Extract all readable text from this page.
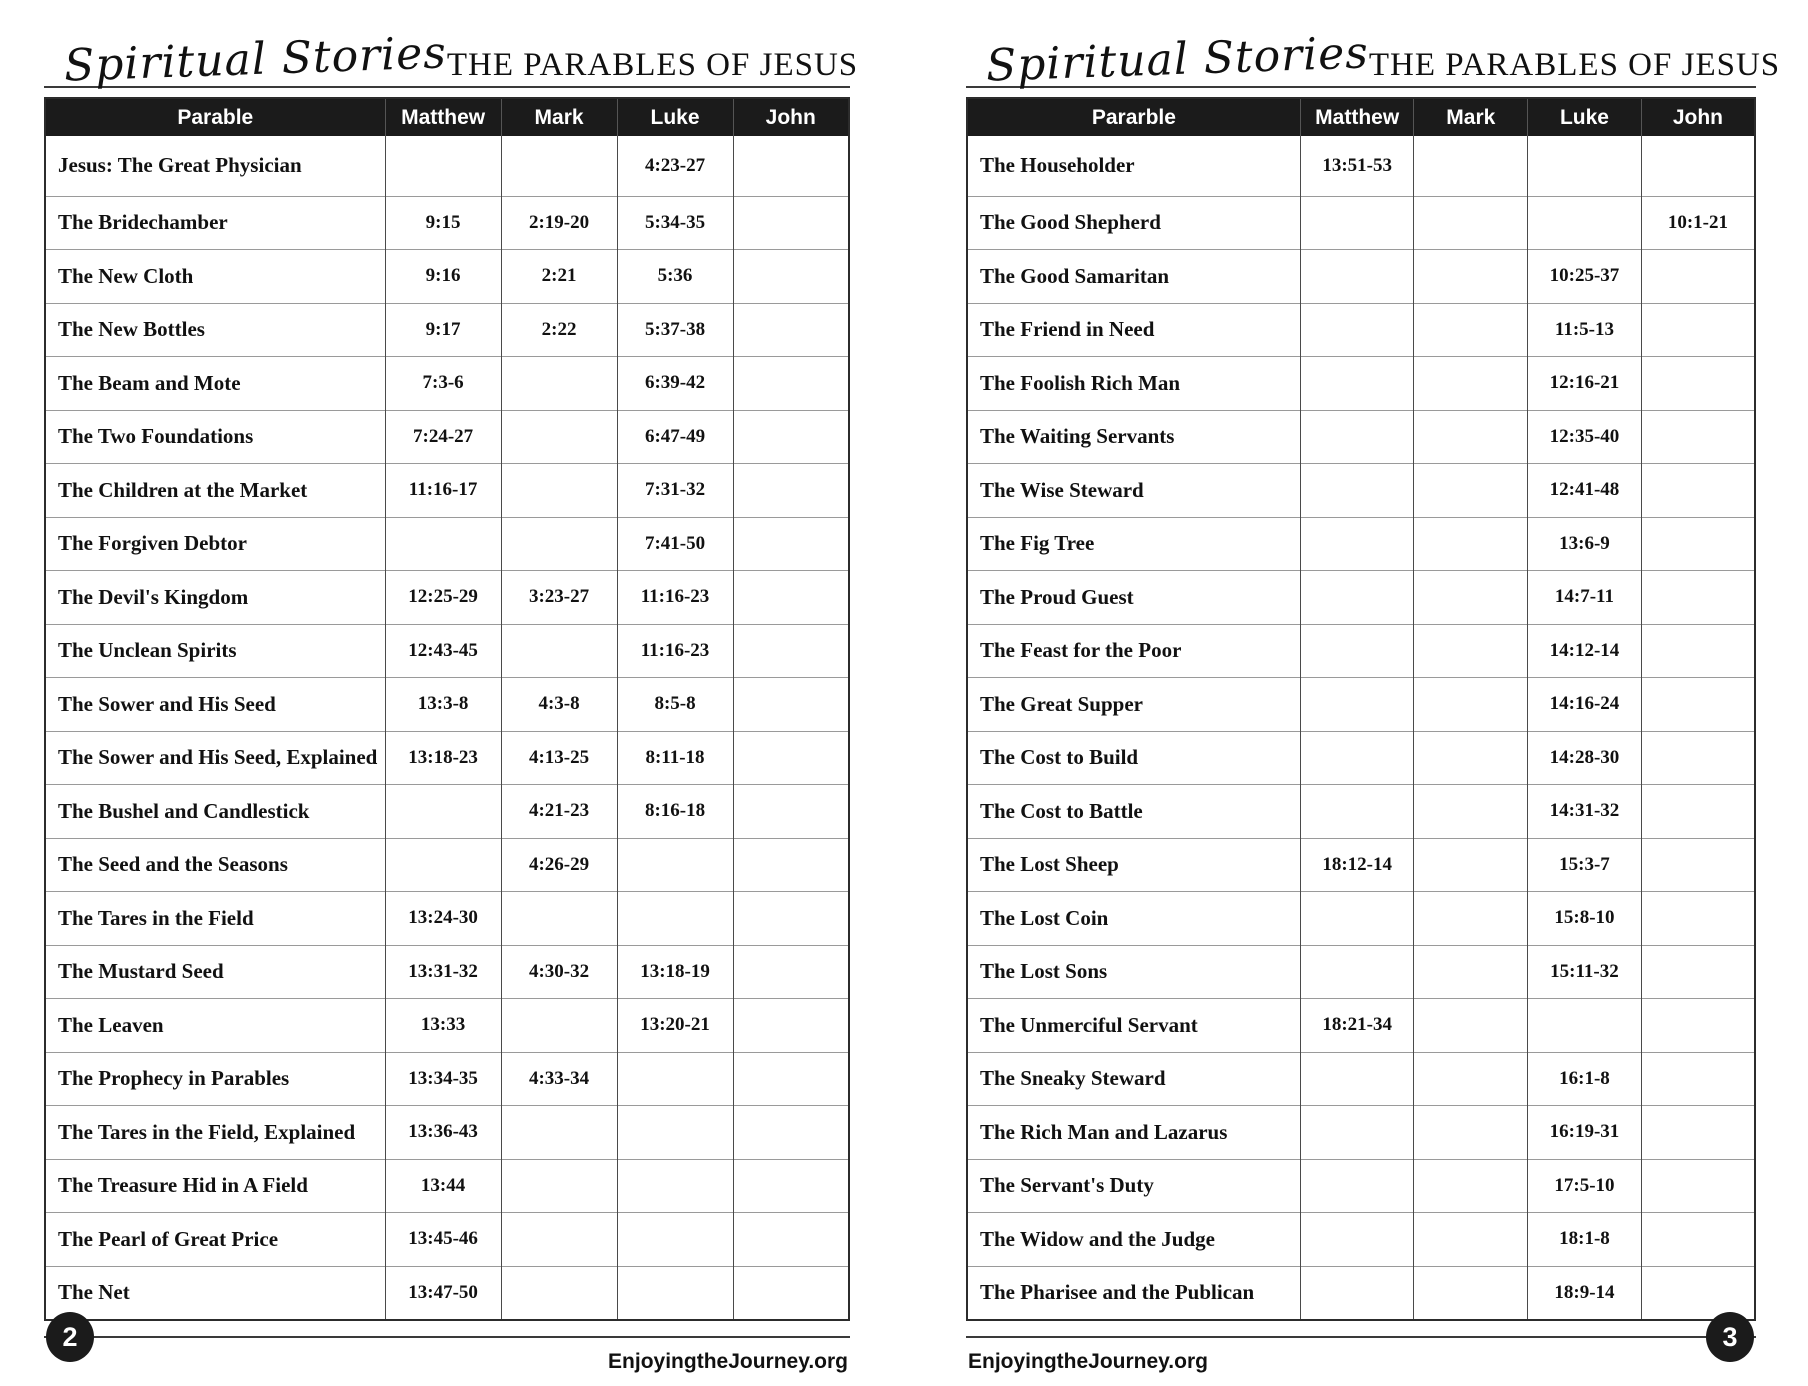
Spiritual Stories THE PARABLES OF JESUS
Parable	Matthew	Mark	Luke	John
Jesus: The Great Physician			4:23-27	
The Bridechamber	9:15	2:19-20	5:34-35	
The New Cloth	9:16	2:21	5:36	
The New Bottles	9:17	2:22	5:37-38	
The Beam and Mote	7:3-6		6:39-42	
The Two Foundations	7:24-27		6:47-49	
The Children at the Market	11:16-17		7:31-32	
The Forgiven Debtor			7:41-50	
The Devil's Kingdom	12:25-29	3:23-27	11:16-23	
The Unclean Spirits	12:43-45		11:16-23	
The Sower and His Seed	13:3-8	4:3-8	8:5-8	
The Sower and His Seed, Explained	13:18-23	4:13-25	8:11-18	
The Bushel and Candlestick		4:21-23	8:16-18	
The Seed and the Seasons		4:26-29		
The Tares in the Field	13:24-30			
The Mustard Seed	13:31-32	4:30-32	13:18-19	
The Leaven	13:33		13:20-21	
The Prophecy in Parables	13:34-35	4:33-34		
The Tares in the Field, Explained	13:36-43			
The Treasure Hid in A Field	13:44			
The Pearl of Great Price	13:45-46			
The Net	13:47-50			
2
EnjoyingtheJourney.org
Spiritual Stories THE PARABLES OF JESUS
Pararble	Matthew	Mark	Luke	John
The Householder	13:51-53			
The Good Shepherd				10:1-21
The Good Samaritan			10:25-37	
The Friend in Need			11:5-13	
The Foolish Rich Man			12:16-21	
The Waiting Servants			12:35-40	
The Wise Steward			12:41-48	
The Fig Tree			13:6-9	
The Proud Guest			14:7-11	
The Feast for the Poor			14:12-14	
The Great Supper			14:16-24	
The Cost to Build			14:28-30	
The Cost to Battle			14:31-32	
The Lost Sheep	18:12-14		15:3-7	
The Lost Coin			15:8-10	
The Lost Sons			15:11-32	
The Unmerciful Servant	18:21-34			
The Sneaky Steward			16:1-8	
The Rich Man and Lazarus			16:19-31	
The Servant's Duty			17:5-10	
The Widow and the Judge			18:1-8	
The Pharisee and the Publican			18:9-14	
3
EnjoyingtheJourney.org
